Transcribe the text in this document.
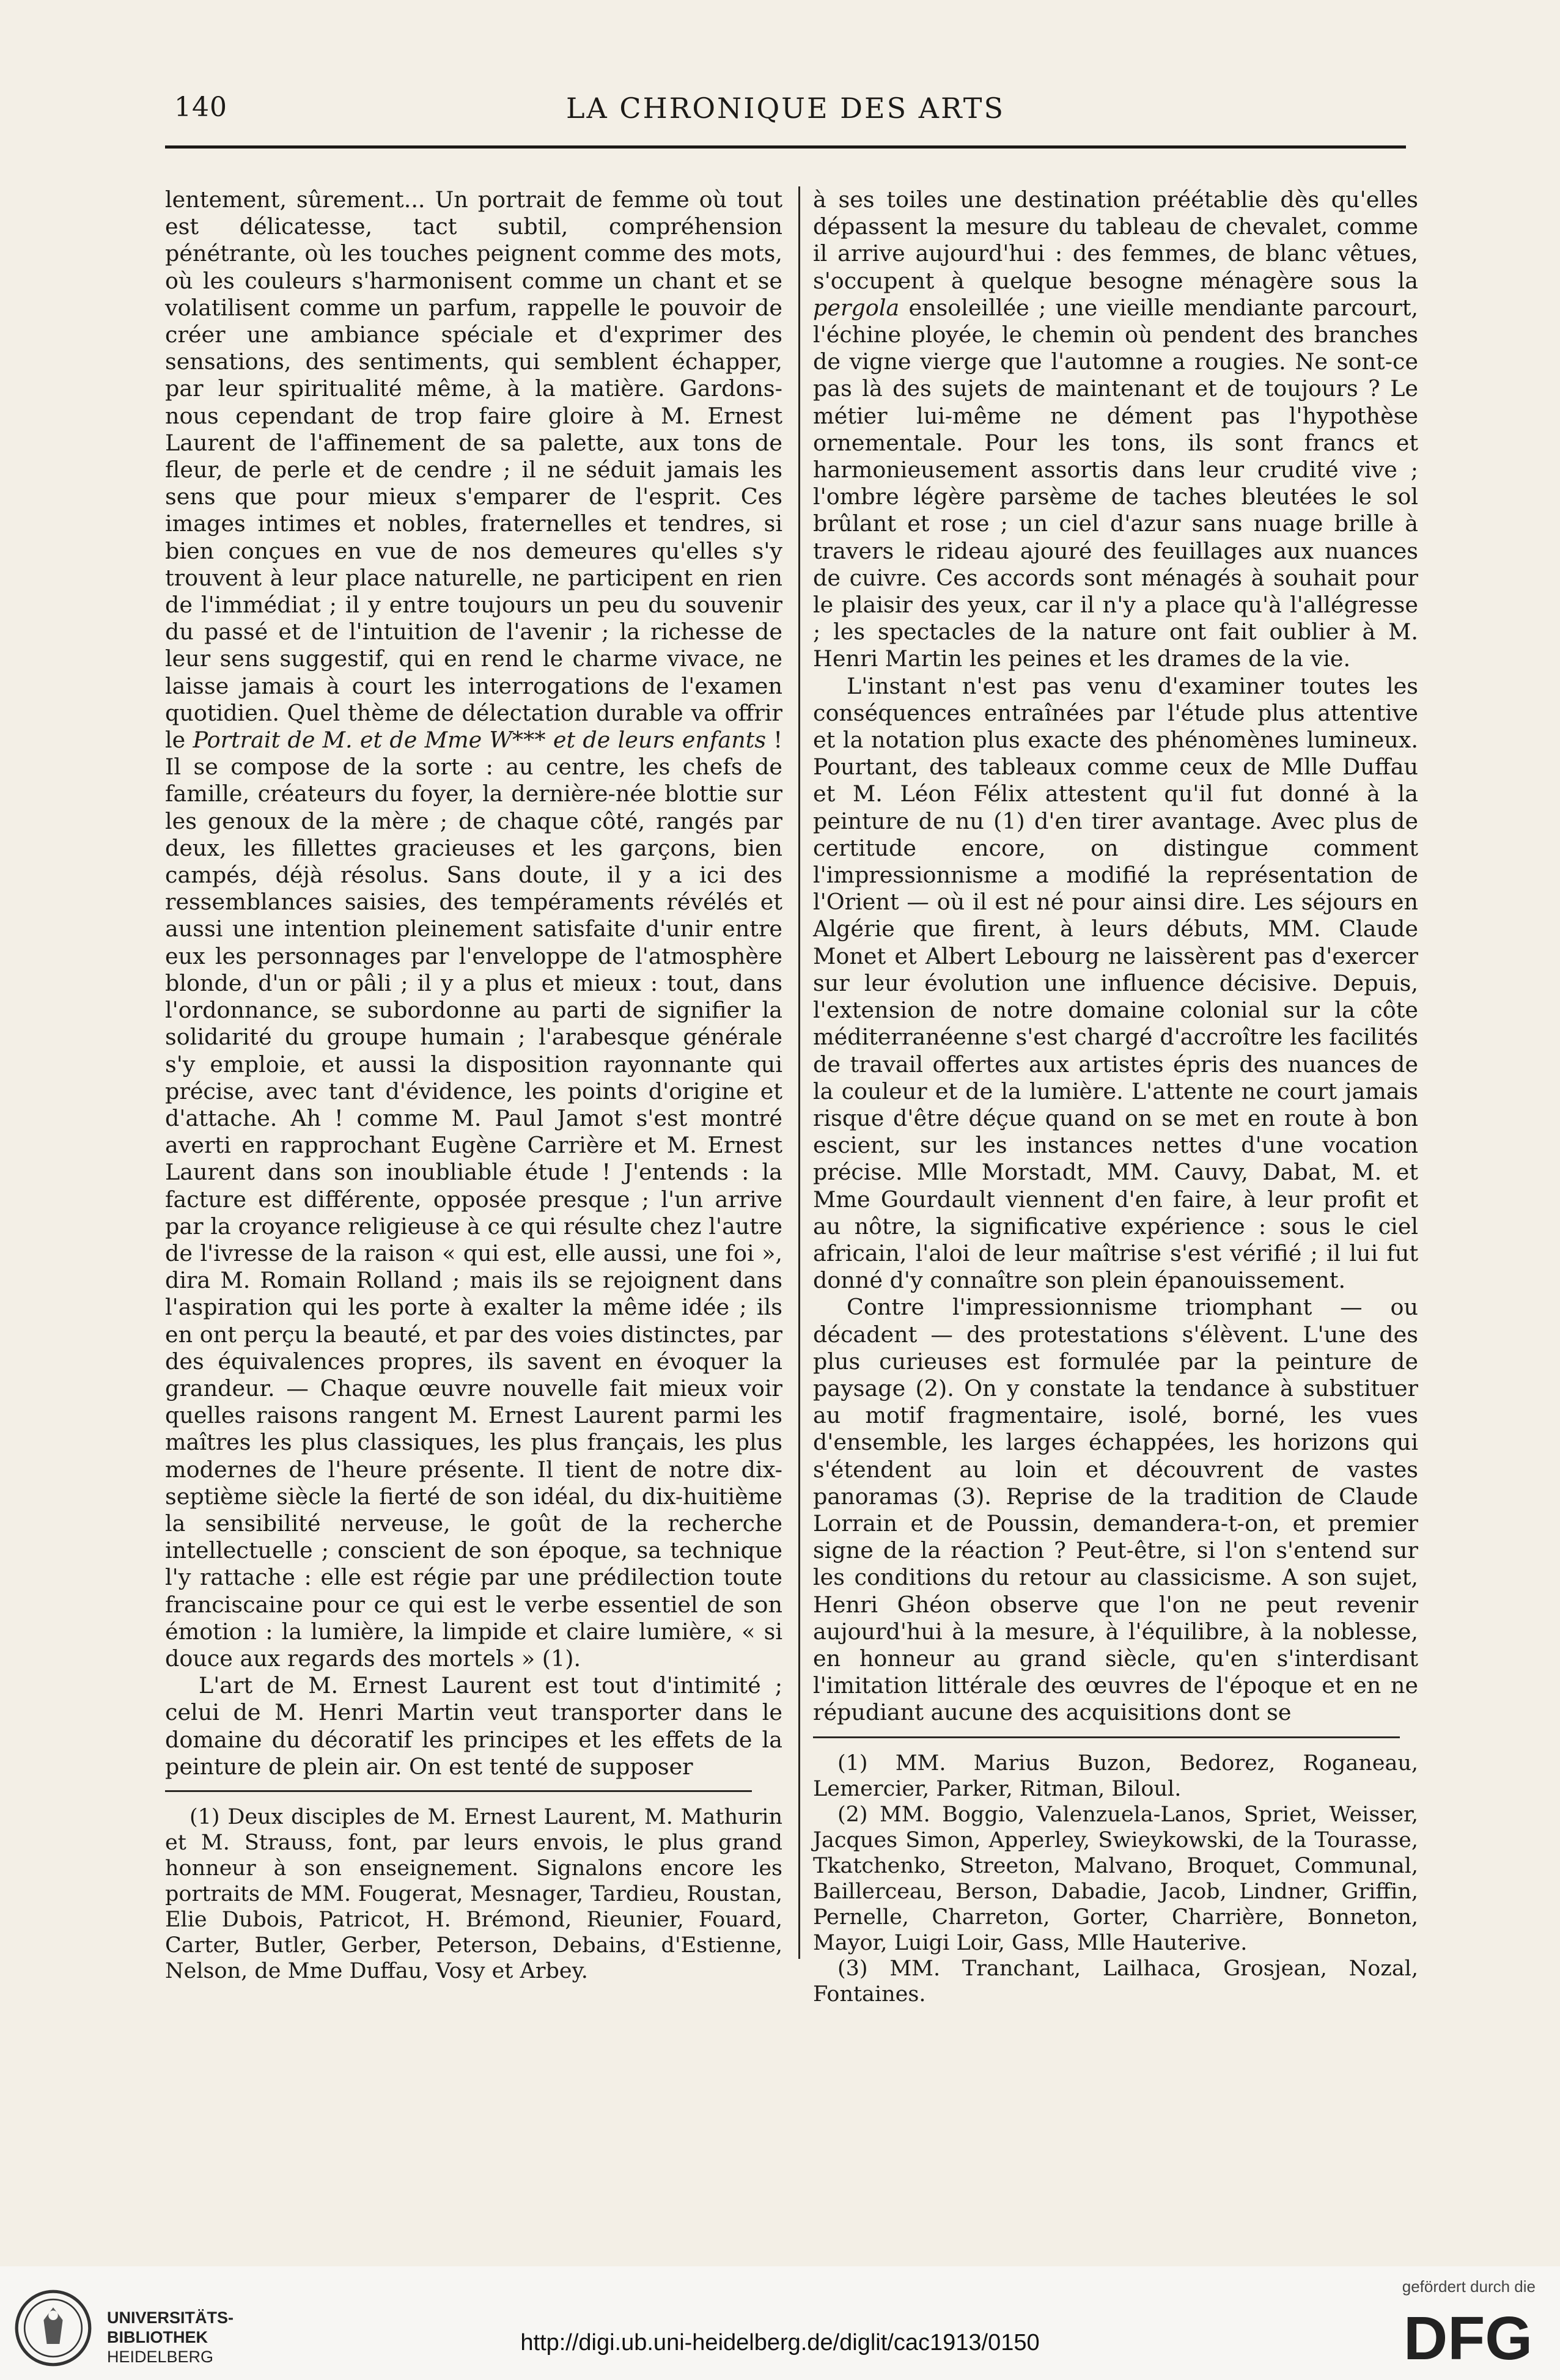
140	LA CHRONIQUE DES ARTS

lentement, sûrement... Un portrait de femme où tout est délicatesse, tact subtil, compréhension pénétrante, où les touches peignent comme des mots, où les couleurs s'harmonisent comme un chant et se volatilisent comme un parfum, rappelle le pouvoir de créer une ambiance spéciale et d'exprimer des sensations, des sentiments, qui semblent échapper, par leur spiritualité même, à la matière. Gardons-nous cependant de trop faire gloire à M. Ernest Laurent de l'affinement de sa palette, aux tons de fleur, de perle et de cendre ; il ne séduit jamais les sens que pour mieux s'emparer de l'esprit. Ces images intimes et nobles, fraternelles et tendres, si bien conçues en vue de nos demeures qu'elles s'y trouvent à leur place naturelle, ne participent en rien de l'immédiat ; il y entre toujours un peu du souvenir du passé et de l'intuition de l'avenir ; la richesse de leur sens suggestif, qui en rend le charme vivace, ne laisse jamais à court les interrogations de l'examen quotidien. Quel thème de délectation durable va offrir le Portrait de M. et de Mme W*** et de leurs enfants ! Il se compose de la sorte : au centre, les chefs de famille, créateurs du foyer, la dernière-née blottie sur les genoux de la mère ; de chaque côté, rangés par deux, les fillettes gracieuses et les garçons, bien campés, déjà résolus. Sans doute, il y a ici des ressemblances saisies, des tempéraments révélés et aussi une intention pleinement satisfaite d'unir entre eux les personnages par l'enveloppe de l'atmosphère blonde, d'un or pâli ; il y a plus et mieux : tout, dans l'ordonnance, se subordonne au parti de signifier la solidarité du groupe humain ; l'arabesque générale s'y emploie, et aussi la disposition rayonnante qui précise, avec tant d'évidence, les points d'origine et d'attache. Ah ! comme M. Paul Jamot s'est montré averti en rapprochant Eugène Carrière et M. Ernest Laurent dans son inoubliable étude ! J'entends : la facture est différente, opposée presque ; l'un arrive par la croyance religieuse à ce qui résulte chez l'autre de l'ivresse de la raison « qui est, elle aussi, une foi », dira M. Romain Rolland ; mais ils se rejoignent dans l'aspiration qui les porte à exalter la même idée ; ils en ont perçu la beauté, et par des voies distinctes, par des équivalences propres, ils savent en évoquer la grandeur. — Chaque œuvre nouvelle fait mieux voir quelles raisons rangent M. Ernest Laurent parmi les maîtres les plus classiques, les plus français, les plus modernes de l'heure présente. Il tient de notre dix-septième siècle la fierté de son idéal, du dix-huitième la sensibilité nerveuse, le goût de la recherche intellectuelle ; conscient de son époque, sa technique l'y rattache : elle est régie par une prédilection toute franciscaine pour ce qui est le verbe essentiel de son émotion : la lumière, la limpide et claire lumière, « si douce aux regards des mortels » (1).

L'art de M. Ernest Laurent est tout d'intimité ; celui de M. Henri Martin veut transporter dans le domaine du décoratif les principes et les effets de la peinture de plein air. On est tenté de supposer

(1) Deux disciples de M. Ernest Laurent, M. Mathurin et M. Strauss, font, par leurs envois, le plus grand honneur à son enseignement. Signalons encore les portraits de MM. Fougerat, Mesnager, Tardieu, Roustan, Elie Dubois, Patricot, H. Brémond, Rieunier, Fouard, Carter, Butler, Gerber, Peterson, Debains, d'Estienne, Nelson, de Mme Duffau, Vosy et Arbey.

à ses toiles une destination préétablie dès qu'elles dépassent la mesure du tableau de chevalet, comme il arrive aujourd'hui : des femmes, de blanc vêtues, s'occupent à quelque besogne ménagère sous la pergola ensoleillée ; une vieille mendiante parcourt, l'échine ployée, le chemin où pendent des branches de vigne vierge que l'automne a rougies. Ne sont-ce pas là des sujets de maintenant et de toujours ? Le métier lui-même ne dément pas l'hypothèse ornementale. Pour les tons, ils sont francs et harmonieusement assortis dans leur crudité vive ; l'ombre légère parsème de taches bleutées le sol brûlant et rose ; un ciel d'azur sans nuage brille à travers le rideau ajouré des feuillages aux nuances de cuivre. Ces accords sont ménagés à souhait pour le plaisir des yeux, car il n'y a place qu'à l'allégresse ; les spectacles de la nature ont fait oublier à M. Henri Martin les peines et les drames de la vie.

L'instant n'est pas venu d'examiner toutes les conséquences entraînées par l'étude plus attentive et la notation plus exacte des phénomènes lumineux. Pourtant, des tableaux comme ceux de Mlle Duffau et M. Léon Félix attestent qu'il fut donné à la peinture de nu (1) d'en tirer avantage. Avec plus de certitude encore, on distingue comment l'impressionnisme a modifié la représentation de l'Orient — où il est né pour ainsi dire. Les séjours en Algérie que firent, à leurs débuts, MM. Claude Monet et Albert Lebourg ne laissèrent pas d'exercer sur leur évolution une influence décisive. Depuis, l'extension de notre domaine colonial sur la côte méditerranéenne s'est chargé d'accroître les facilités de travail offertes aux artistes épris des nuances de la couleur et de la lumière. L'attente ne court jamais risque d'être déçue quand on se met en route à bon escient, sur les instances nettes d'une vocation précise. Mlle Morstadt, MM. Cauvy, Dabat, M. et Mme Gourdault viennent d'en faire, à leur profit et au nôtre, la significative expérience : sous le ciel africain, l'aloi de leur maîtrise s'est vérifié ; il lui fut donné d'y connaître son plein épanouissement.

Contre l'impressionnisme triomphant — ou décadent — des protestations s'élèvent. L'une des plus curieuses est formulée par la peinture de paysage (2). On y constate la tendance à substituer au motif fragmentaire, isolé, borné, les vues d'ensemble, les larges échappées, les horizons qui s'étendent au loin et découvrent de vastes panoramas (3). Reprise de la tradition de Claude Lorrain et de Poussin, demandera-t-on, et premier signe de la réaction ? Peut-être, si l'on s'entend sur les conditions du retour au classicisme. A son sujet, Henri Ghéon observe que l'on ne peut revenir aujourd'hui à la mesure, à l'équilibre, à la noblesse, en honneur au grand siècle, qu'en s'interdisant l'imitation littérale des œuvres de l'époque et en ne répudiant aucune des acquisitions dont se

(1) MM. Marius Buzon, Bedorez, Roganeau, Lemercier, Parker, Ritman, Biloul.

(2) MM. Boggio, Valenzuela-Lanos, Spriet, Weisser, Jacques Simon, Apperley, Swieykowski, de la Tourasse, Tkatchenko, Streeton, Malvano, Broquet, Communal, Baillerceau, Berson, Dabadie, Jacob, Lindner, Griffin, Pernelle, Charreton, Gorter, Charrière, Bonneton, Mayor, Luigi Loir, Gass, Mlle Hauterive.

(3) MM. Tranchant, Lailhaca, Grosjean, Nozal, Fontaines.

UNIVERSITÄTS-
BIBLIOTHEK
HEIDELBERG
http://digi.ub.uni-heidelberg.de/diglit/cac1913/0150
gefördert durch die
DFG
